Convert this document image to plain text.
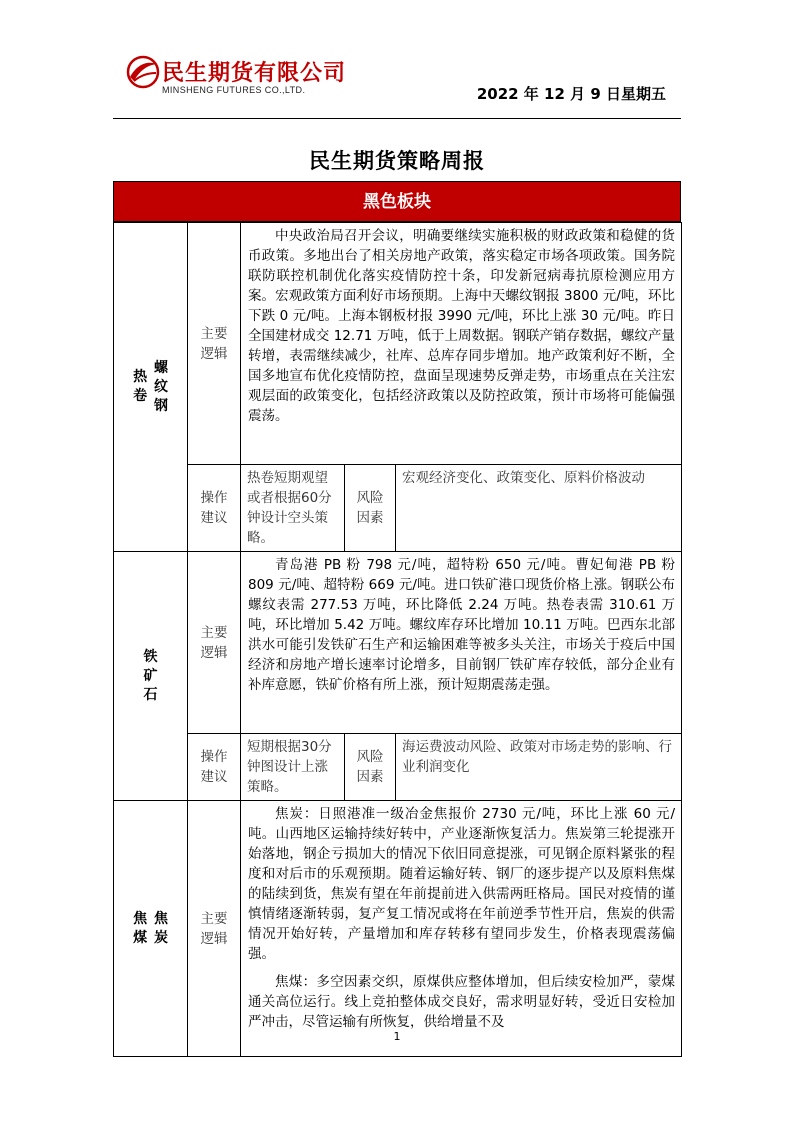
民生期货有限公司
MINSHENG FUTURES CO.,LTD.	2022 年 12 月 9 日星期五
民生期货策略周报
黑色板块
热卷 螺纹钢	主要逻辑	中央政治局召开会议，明确要继续实施积极的财政政策和稳健的货币政策。多地出台了相关房地产政策，落实稳定市场各项政策。国务院联防联控机制优化落实疫情防控十条，印发新冠病毒抗原检测应用方案。宏观政策方面利好市场预期。上海中天螺纹钢报 3800 元/吨，环比下跌 0 元/吨。上海本钢板材报 3990 元/吨，环比上涨 30 元/吨。昨日全国建材成交 12.71 万吨，低于上周数据。钢联产销存数据，螺纹产量转增，表需继续减少，社库、总库存同步增加。地产政策利好不断，全国多地宣布优化疫情防控，盘面呈现速势反弹走势，市场重点在关注宏观层面的政策变化，包括经济政策以及防控政策，预计市场将可能偏强震荡。		

	操作建议	热卷短期观望或者根据60分钟设计空头策略。	风险因素	宏观经济变化、政策变化、原料价格波动
铁矿石	主要逻辑	青岛港 PB 粉 798 元/吨，超特粉 650 元/吨。曹妃甸港 PB 粉 809 元/吨、超特粉 669 元/吨。进口铁矿港口现货价格上涨。钢联公布螺纹表需 277.53 万吨，环比降低 2.24 万吨。热卷表需 310.61 万吨，环比增加 5.42 万吨。螺纹库存环比增加 10.11 万吨。巴西东北部洪水可能引发铁矿石生产和运输困难等被多头关注，市场关于疫后中国经济和房地产增长速率讨论增多，目前钢厂铁矿库存较低，部分企业有补库意愿，铁矿价格有所上涨，预计短期震荡走强。		

	操作建议	短期根据30分钟图设计上涨策略。	风险因素	海运费波动风险、政策对市场走势的影响、行业利润变化
焦煤 焦炭	主要逻辑	焦炭：日照港准一级冶金焦报价 2730 元/吨，环比上涨 60 元/吨。山西地区运输持续好转中，产业逐渐恢复活力。焦炭第三轮提涨开始落地，钢企亏损加大的情况下依旧同意提涨，可见钢企原料紧张的程度和对后市的乐观预期。随着运输好转、钢厂的逐步提产以及原料焦煤的陆续到货，焦炭有望在年前提前进入供需两旺格局。国民对疫情的谨慎情绪逐渐转弱，复产复工情况或将在年前逆季节性开启，焦炭的供需情况开始好转，产量增加和库存转移有望同步发生，价格表现震荡偏强。

焦煤：多空因素交织，原煤供应整体增加，但后续安检加严，蒙煤通关高位运行。线上竞拍整体成交良好，需求明显好转，受近日安检加严冲击，尽管运输有所恢复，供给增量不及		

1
